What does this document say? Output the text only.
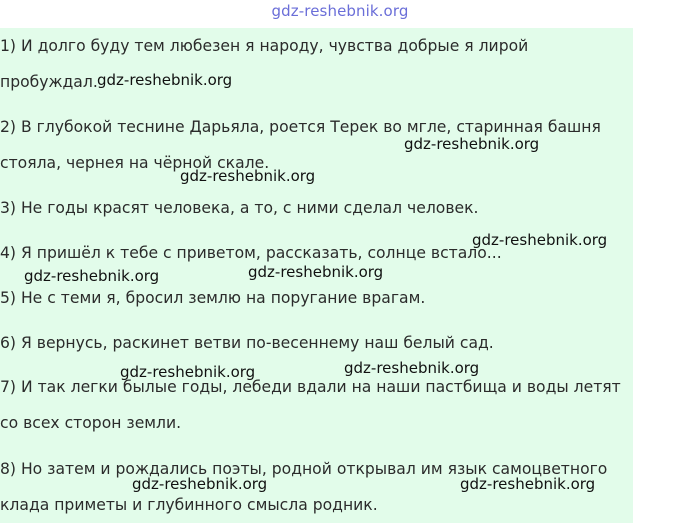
gdz-reshebnik.org
1) И долго буду тем любезен я народу, чувства добрые я лирой
пробуждал.
2) В глубокой теснине Дарьяла, роется Терек во мгле, старинная башня
стояла, чернея на чёрной скале.
3) Не годы красят человека, а то, с ними сделал человек.
4) Я пришёл к тебе с приветом, рассказать, солнце встало...
5) Не с теми я, бросил землю на поругание врагам.
6) Я вернусь, раскинет ветви по-весеннему наш белый сад.
7) И так легки былые годы, лебеди вдали на наши пастбища и воды летят
со всех сторон земли.
8) Но затем и рождались поэты, родной открывал им язык самоцветного
клада приметы и глубинного смысла родник.
gdz-reshebnik.org
gdz-reshebnik.org
gdz-reshebnik.org
gdz-reshebnik.org
gdz-reshebnik.org	gdz-reshebnik.org
gdz-reshebnik.org	gdz-reshebnik.org
gdz-reshebnik.org	gdz-reshebnik.org
